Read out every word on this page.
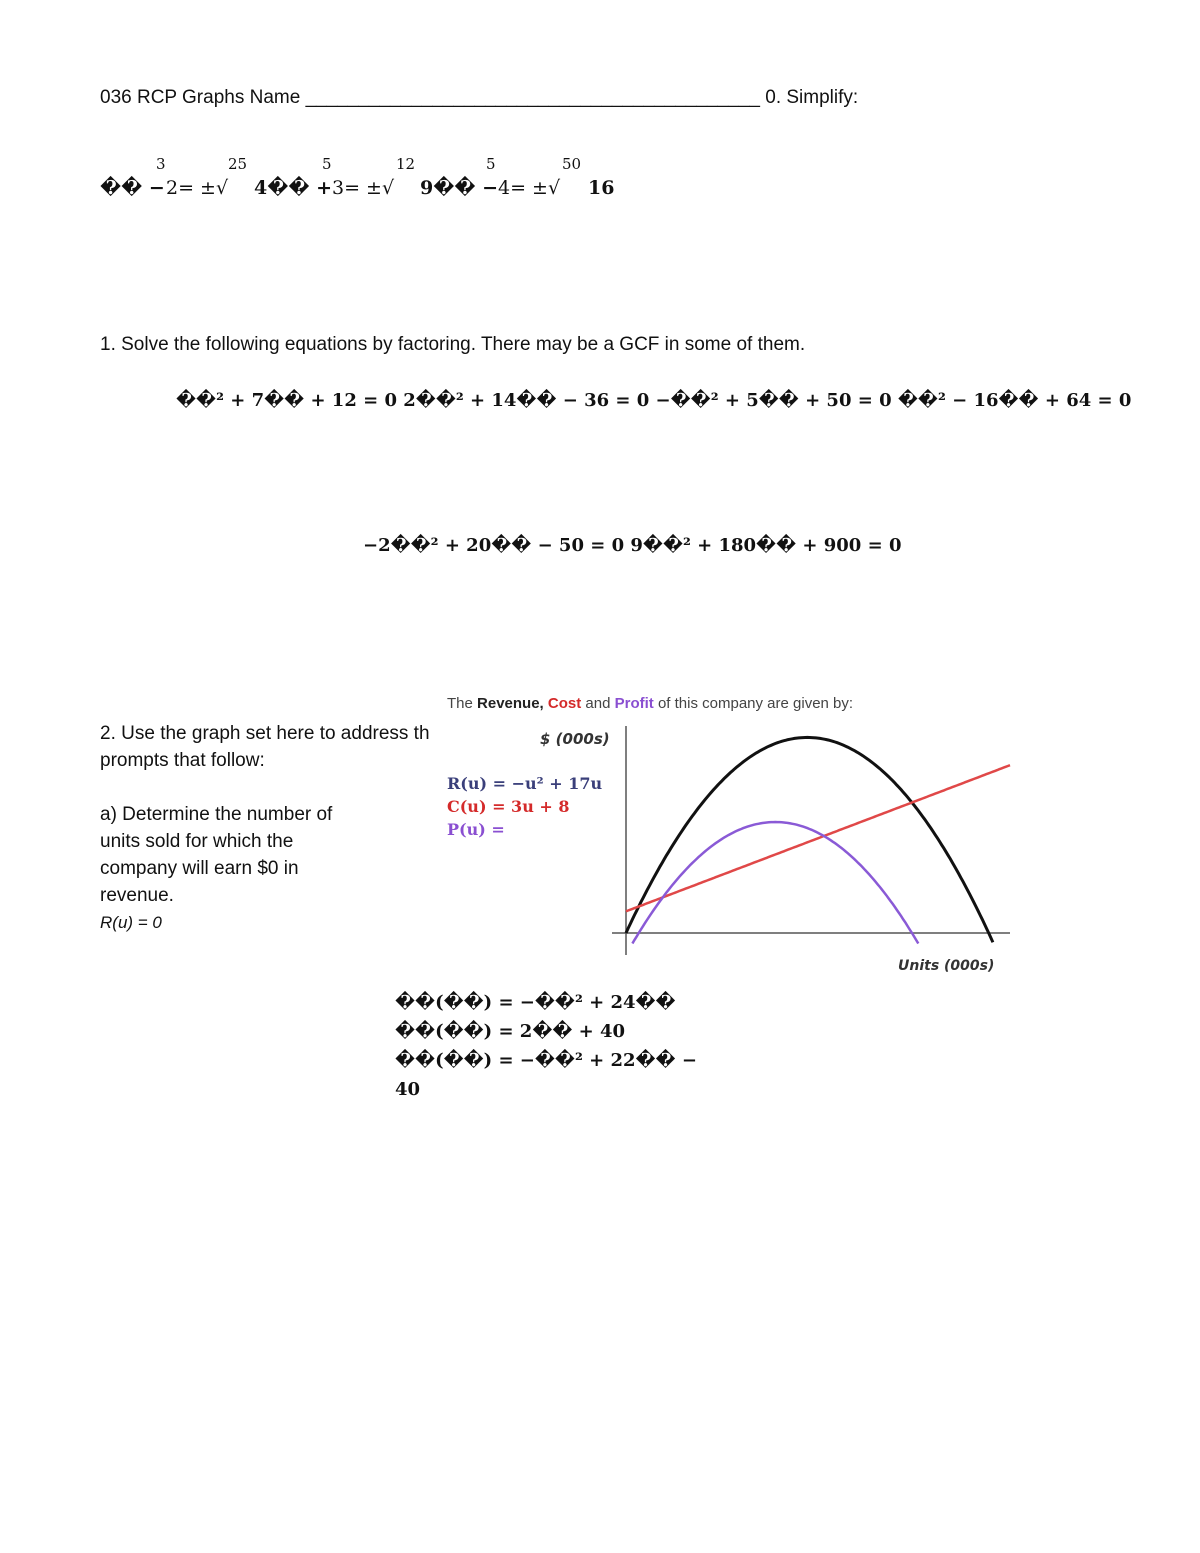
036 RCP Graphs Name ___________________________________________ 0. Simplify:
3	25	5	12	5	50
�� − 2= ±√ 4�� + 3= ±√ 9�� − 4= ±√ 16
1. Solve the following equations by factoring. There may be a GCF in some of them.
��² + 7�� + 12 = 0 2��² + 14�� − 36 = 0 −��² + 5�� + 50 = 0 ��² − 16�� + 64 = 0
−2��² + 20�� − 50 = 0 9��² + 180�� + 900 = 0
2. Use the graph set here to address th
prompts that follow:
a) Determine the number of
units sold for which the
company will earn $0 in
revenue.
R(u) = 0
The Revenue, Cost and Profit of this company are given by:
R(u) = −u² + 17u
C(u) = 3u + 8
P(u) =
$ (000s)
Units (000s)
��(��) = −��² + 24��
��(��) = 2�� + 40
��(��) = −��² + 22�� −
40
